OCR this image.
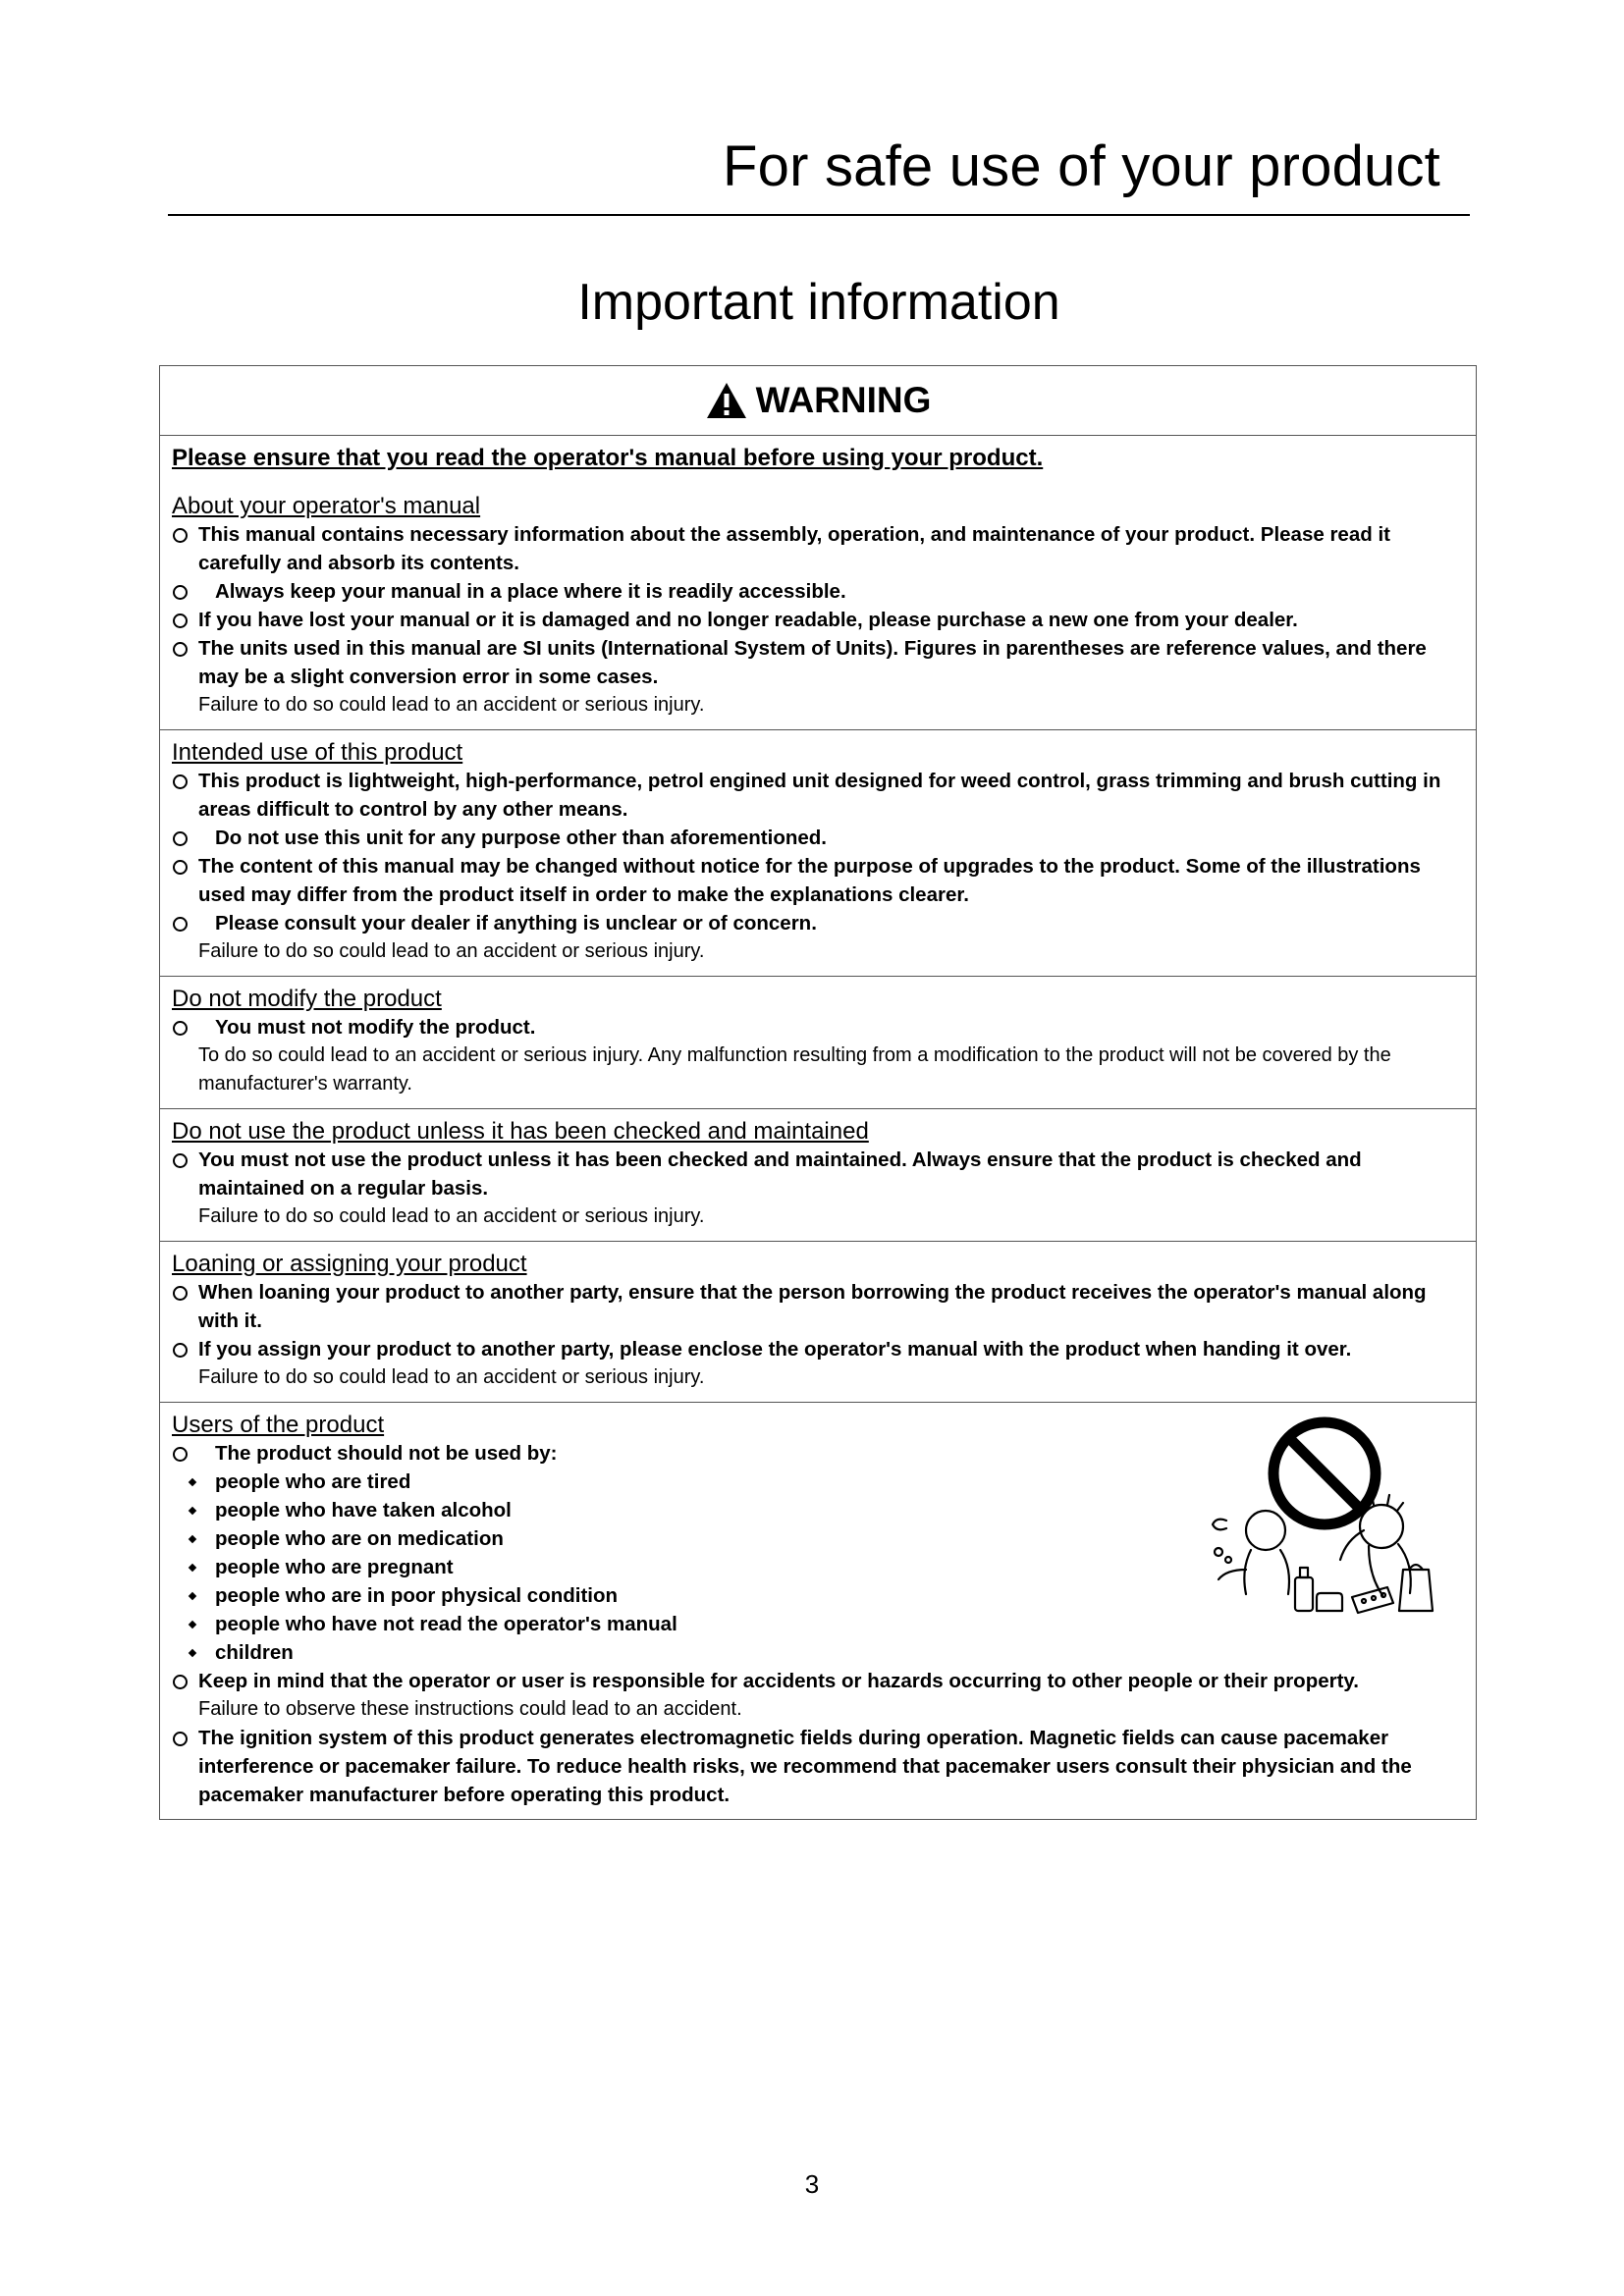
For safe use of your product
Important information
WARNING

Please ensure that you read the operator's manual before using your product.

About your operator's manual

This manual contains necessary information about the assembly, operation, and maintenance of your product. Please read it carefully and absorb its contents.
Always keep your manual in a place where it is readily accessible.
If you have lost your manual or it is damaged and no longer readable, please purchase a new one from your dealer.
The units used in this manual are SI units (International System of Units). Figures in parentheses are reference values, and there may be a slight conversion error in some cases.
Failure to do so could lead to an accident or serious injury.

Intended use of this product

This product is lightweight, high-performance, petrol engined unit designed for weed control, grass trimming and brush cutting in areas difficult to control by any other means.
Do not use this unit for any purpose other than aforementioned.
The content of this manual may be changed without notice for the purpose of upgrades to the product. Some of the illustrations used may differ from the product itself in order to make the explanations clearer.
Please consult your dealer if anything is unclear or of concern.
Failure to do so could lead to an accident or serious injury.

Do not modify the product

You must not modify the product.
To do so could lead to an accident or serious injury. Any malfunction resulting from a modification to the product will not be covered by the manufacturer's warranty.

Do not use the product unless it has been checked and maintained

You must not use the product unless it has been checked and maintained. Always ensure that the product is checked and maintained on a regular basis.
Failure to do so could lead to an accident or serious injury.

Loaning or assigning your product

When loaning your product to another party, ensure that the person borrowing the product receives the operator's manual along with it.
If you assign your product to another party, please enclose the operator's manual with the product when handing it over.
Failure to do so could lead to an accident or serious injury.

Users of the product

The product should not be used by:
people who are tired
people who have taken alcohol
people who are on medication
people who are pregnant
people who are in poor physical condition
people who have not read the operator's manual
children
Keep in mind that the operator or user is responsible for accidents or hazards occurring to other people or their property.
Failure to observe these instructions could lead to an accident.
The ignition system of this product generates electromagnetic fields during operation. Magnetic fields can cause pacemaker interference or pacemaker failure. To reduce health risks, we recommend that pacemaker users consult their physician and the pacemaker manufacturer before operating this product.
3
